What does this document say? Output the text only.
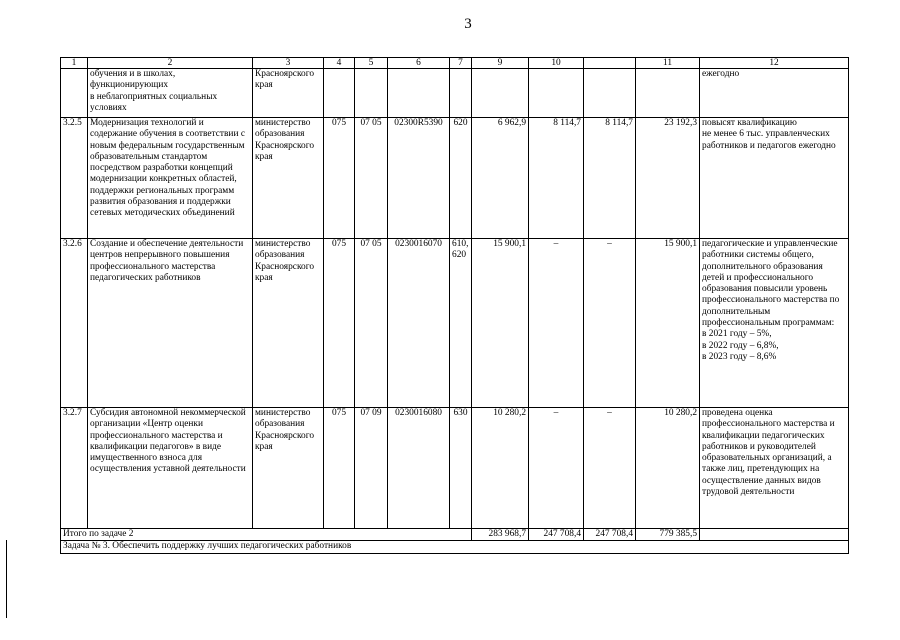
3
1	2	3	4	5	6	7	9	10		11	12
	обучения и в школах,
функционирующих
в неблагоприятных социальных
условиях	Красноярского
края									ежегодно
3.2.5	Модернизация технологий и содержание обучения в соответствии с новым федеральным государственным образовательным стандартом посредством разработки концепций модернизации конкретных областей, поддержки региональных программ развития образования и поддержки сетевых методических объединений	министерство образования Красноярского края	075	07 05	02300R5390	620	6 962,9	8 114,7	8 114,7	23 192,3	повысят квалификацию
не менее 6 тыс. управленческих работников и педагогов ежегодно
3.2.6	Создание и обеспечение деятельности центров непрерывного повышения профессионального мастерства педагогических работников	министерство образования Красноярского края	075	07 05	0230016070	610,
620	15 900,1	–	–	15 900,1	педагогические и управленческие работники системы общего, дополнительного образования детей и профессионального образования повысили уровень профессионального мастерства по дополнительным профессиональным программам:
в 2021 году – 5%,
в 2022 году – 6,8%,
в 2023 году – 8,6%
3.2.7	Субсидия автономной некоммерческой организации «Центр оценки профессионального мастерства и квалификации педагогов» в виде имущественного взноса для осуществления уставной деятельности	министерство образования Красноярского края	075	07 09	0230016080	630	10 280,2	–	–	10 280,2	проведена оценка профессионального мастерства и квалификации педагогических работников и руководителей образовательных организаций, а также лиц, претендующих на осуществление данных видов трудовой деятельности
Итого по задаче 2							283 968,7	247 708,4	247 708,4	779 385,5	
Задача № 3. Обеспечить поддержку лучших педагогических работников											
